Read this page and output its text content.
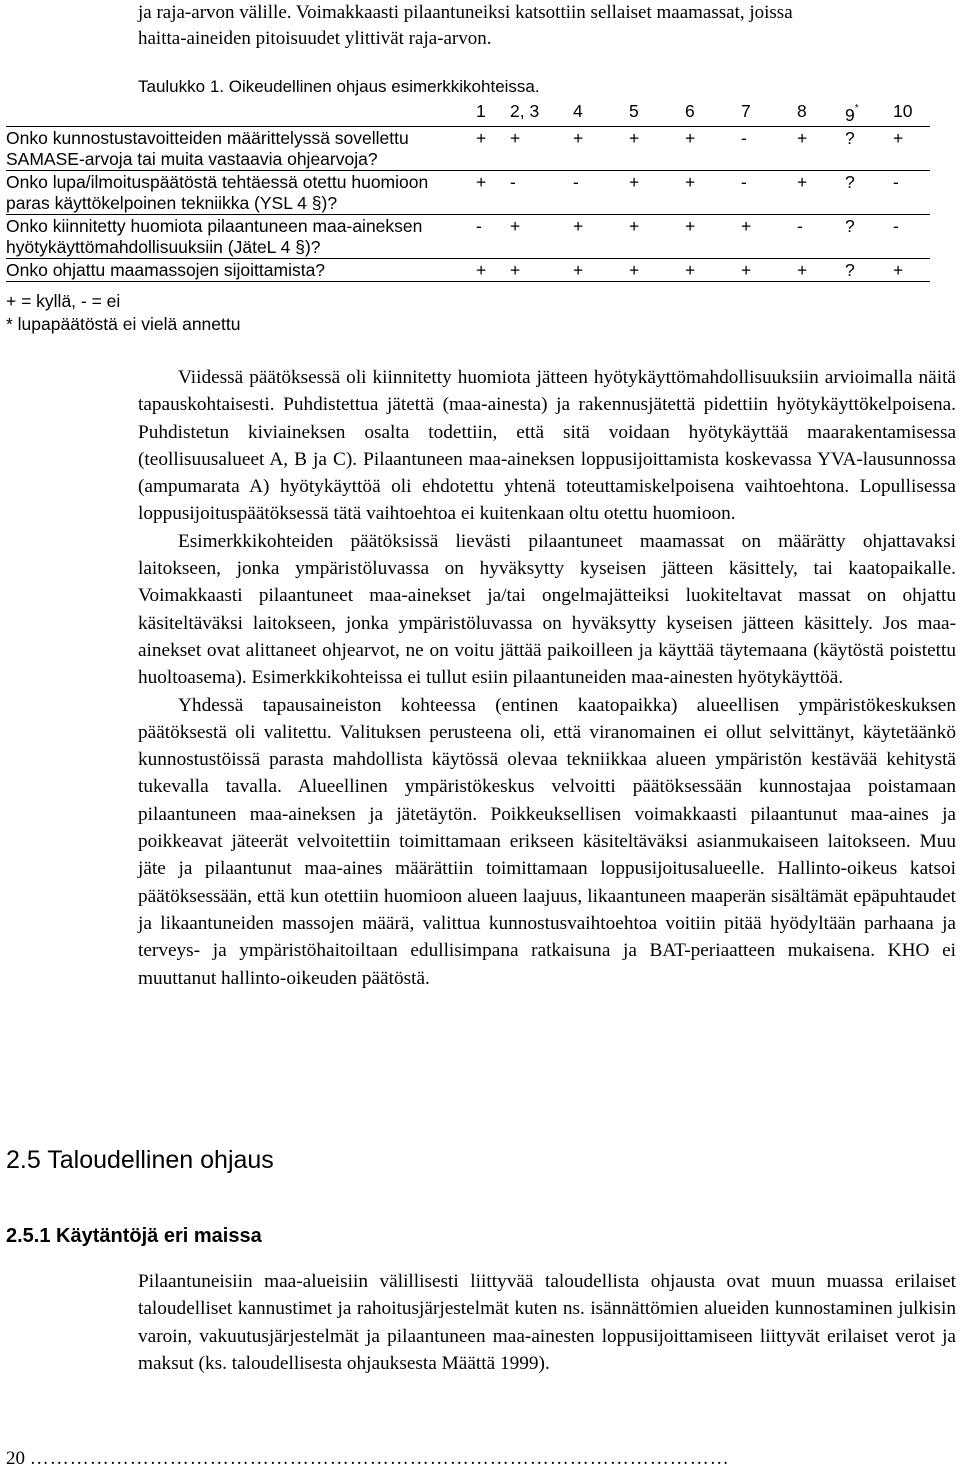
ja raja-arvon välille. Voimakkaasti pilaantuneiksi katsottiin sellaiset maamassat, joissa
haitta-aineiden pitoisuudet ylittivät raja-arvon.
Taulukko 1. Oikeudellinen ohjaus esimerkkikohteissa.
	1	2, 3	4	5	6	7	8	9*	10
Onko kunnostustavoitteiden määrittelyssä sovellettu SAMASE-arvoja tai muita vastaavia ohjearvoja?	+	+	+	+	+	-	+	?	+
Onko lupa/ilmoituspäätöstä tehtäessä otettu huomioon paras käyttökelpoinen tekniikka (YSL 4 §)?	+	-	-	+	+	-	+	?	-
Onko kiinnitetty huomiota pilaantuneen maa-aineksen hyötykäyttömahdollisuuksiin (JäteL 4 §)?	-	+	+	+	+	+	-	?	-
Onko ohjattu maamassojen sijoittamista?	+	+	+	+	+	+	+	?	+
+ = kyllä, - = ei
* lupapäätöstä ei vielä annettu

Viidessä päätöksessä oli kiinnitetty huomiota jätteen hyötykäyttömahdollisuuksiin arvioimalla näitä tapauskohtaisesti. Puhdistettua jätettä (maa-ainesta) ja rakennusjätettä pidettiin hyötykäyttökelpoisena. Puhdistetun kiviaineksen osalta todettiin, että sitä voidaan hyötykäyttää maarakentamisessa (teollisuusalueet A, B ja C). Pilaantuneen maa-aineksen loppusijoittamista koskevassa YVA-lausunnossa (ampumarata A) hyötykäyttöä oli ehdotettu yhtenä toteuttamiskelpoisena vaihtoehtona. Lopullisessa loppusijoituspäätöksessä tätä vaihtoehtoa ei kuitenkaan oltu otettu huomioon.

Esimerkkikohteiden päätöksissä lievästi pilaantuneet maamassat on määrätty ohjattavaksi laitokseen, jonka ympäristöluvassa on hyväksytty kyseisen jätteen käsittely, tai kaatopaikalle. Voimakkaasti pilaantuneet maa-ainekset ja/tai ongelmajätteiksi luokiteltavat massat on ohjattu käsiteltäväksi laitokseen, jonka ympäristöluvassa on hyväksytty kyseisen jätteen käsittely. Jos maa-ainekset ovat alittaneet ohjearvot, ne on voitu jättää paikoilleen ja käyttää täytemaana (käytöstä poistettu huoltoasema). Esimerkkikohteissa ei tullut esiin pilaantuneiden maa-ainesten hyötykäyttöä.

Yhdessä tapausaineiston kohteessa (entinen kaatopaikka) alueellisen ympäristökeskuksen päätöksestä oli valitettu. Valituksen perusteena oli, että viranomainen ei ollut selvittänyt, käytetäänkö kunnostustöissä parasta mahdollista käytössä olevaa tekniikkaa alueen ympäristön kestävää kehitystä tukevalla tavalla. Alueellinen ympäristökeskus velvoitti päätöksessään kunnostajaa poistamaan pilaantuneen maa-aineksen ja jätetäytön. Poikkeuksellisen voimakkaasti pilaantunut maa-aines ja poikkeavat jäteerät velvoitettiin toimittamaan erikseen käsiteltäväksi asianmukaiseen laitokseen. Muu jäte ja pilaantunut maa-aines määrättiin toimittamaan loppusijoitusalueelle. Hallinto-oikeus katsoi päätöksessään, että kun otettiin huomioon alueen laajuus, likaantuneen maaperän sisältämät epäpuhtaudet ja likaantuneiden massojen määrä, valittua kunnostusvaihtoehtoa voitiin pitää hyödyltään parhaana ja terveys- ja ympäristöhaitoiltaan edullisimpana ratkaisuna ja BAT-periaatteen mukaisena. KHO ei muuttanut hallinto-oikeuden päätöstä.

2.5 Taloudellinen ohjaus
2.5.1 Käytäntöjä eri maissa
Pilaantuneisiin maa-alueisiin välillisesti liittyvää taloudellista ohjausta ovat muun muassa erilaiset taloudelliset kannustimet ja rahoitusjärjestelmät kuten ns. isännättömien alueiden kunnostaminen julkisin varoin, vakuutusjärjestelmät ja pilaantuneen maa-ainesten loppusijoittamiseen liittyvät erilaiset verot ja maksut (ks. taloudellisesta ohjauksesta Määttä 1999).
20 ……………………………………………………………………………………………
